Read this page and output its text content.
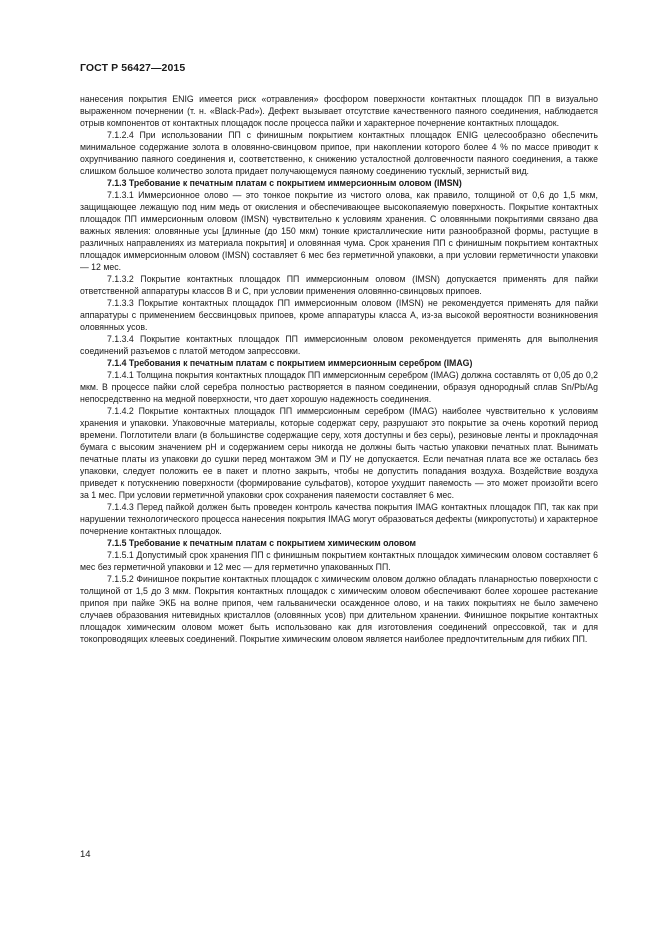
ГОСТ Р 56427—2015

нанесения покрытия ENIG имеется риск «отравления» фосфором поверхности контактных площадок ПП в визуально выраженном почернении (т. н. «Black-Pad»). Дефект вызывает отсутствие качественного паяного соединения, наблюдается отрыв компонентов от контактных площадок после процесса пайки и характерное почернение контактных площадок.

7.1.2.4 При использовании ПП с финишным покрытием контактных площадок ENIG целесообразно обеспечить минимальное содержание золота в оловянно-свинцовом припое, при накоплении которого более 4 % по массе приводит к охрупчиванию паяного соединения и, соответственно, к снижению усталостной долговечности паяного соединения, а также слишком большое количество золота придает получающемуся паяному соединению тусклый, зернистый вид.

7.1.3 Требование к печатным платам с покрытием иммерсионным оловом (IMSN)

7.1.3.1 Иммерсионное олово — это тонкое покрытие из чистого олова, как правило, толщиной от 0,6 до 1,5 мкм, защищающее лежащую под ним медь от окисления и обеспечивающее высокопаяемую поверхность. Покрытие контактных площадок ПП иммерсионным оловом (IMSN) чувствительно к условиям хранения. С оловянными покрытиями связано два важных явления: оловянные усы [длинные (до 150 мкм) тонкие кристаллические нити разнообразной формы, растущие в различных направлениях из материала покрытия] и оловянная чума. Срок хранения ПП с финишным покрытием контактных площадок иммерсионным оловом (IMSN) составляет 6 мес без герметичной упаковки, а при условии герметичности упаковки — 12 мес.

7.1.3.2 Покрытие контактных площадок ПП иммерсионным оловом (IMSN) допускается применять для пайки ответственной аппаратуры классов В и С, при условии применения оловянно-свинцовых припоев.

7.1.3.3 Покрытие контактных площадок ПП иммерсионным оловом (IMSN) не рекомендуется применять для пайки аппаратуры с применением бессвинцовых припоев, кроме аппаратуры класса А, из-за высокой вероятности возникновения оловянных усов.

7.1.3.4 Покрытие контактных площадок ПП иммерсионным оловом рекомендуется применять для выполнения соединений разъемов с платой методом запрессовки.

7.1.4 Требования к печатным платам с покрытием иммерсионным серебром (IMAG)

7.1.4.1 Толщина покрытия контактных площадок ПП иммерсионным серебром (IMAG) должна составлять от 0,05 до 0,2 мкм. В процессе пайки слой серебра полностью растворяется в паяном соединении, образуя однородный сплав Sn/Pb/Ag непосредственно на медной поверхности, что дает хорошую надежность соединения.

7.1.4.2 Покрытие контактных площадок ПП иммерсионным серебром (IMAG) наиболее чувствительно к условиям хранения и упаковки. Упаковочные материалы, которые содержат серу, разрушают это покрытие за очень короткий период времени. Поглотители влаги (в большинстве содержащие серу, хотя доступны и без серы), резиновые ленты и прокладочная бумага с высоким значением pH и содержанием серы никогда не должны быть частью упаковки печатных плат. Вынимать печатные платы из упаковки до сушки перед монтажом ЭМ и ПУ не допускается. Если печатная плата все же осталась без упаковки, следует положить ее в пакет и плотно закрыть, чтобы не допустить попадания воздуха. Воздействие воздуха приведет к потускнению поверхности (формирование сульфатов), которое ухудшит паяемость — это может произойти всего за 1 мес. При условии герметичной упаковки срок сохранения паяемости составляет 6 мес.

7.1.4.3 Перед пайкой должен быть проведен контроль качества покрытия IMAG контактных площадок ПП, так как при нарушении технологического процесса нанесения покрытия IMAG могут образоваться дефекты (микропустоты) и характерное почернение контактных площадок.

7.1.5 Требование к печатным платам с покрытием химическим оловом

7.1.5.1 Допустимый срок хранения ПП с финишным покрытием контактных площадок химическим оловом составляет 6 мес без герметичной упаковки и 12 мес — для герметично упакованных ПП.

7.1.5.2 Финишное покрытие контактных площадок с химическим оловом должно обладать планарностью поверхности с толщиной от 1,5 до 3 мкм. Покрытия контактных площадок с химическим оловом обеспечивают более хорошее растекание припоя при пайке ЭКБ на волне припоя, чем гальванически осажденное олово, и на таких покрытиях не было замечено случаев образования нитевидных кристаллов (оловянных усов) при длительном хранении. Финишное покрытие контактных площадок химическим оловом может быть использовано как для изготовления соединений опрессовкой, так и для токопроводящих клеевых соединений. Покрытие химическим оловом является наиболее предпочтительным для гибких ПП.

14
